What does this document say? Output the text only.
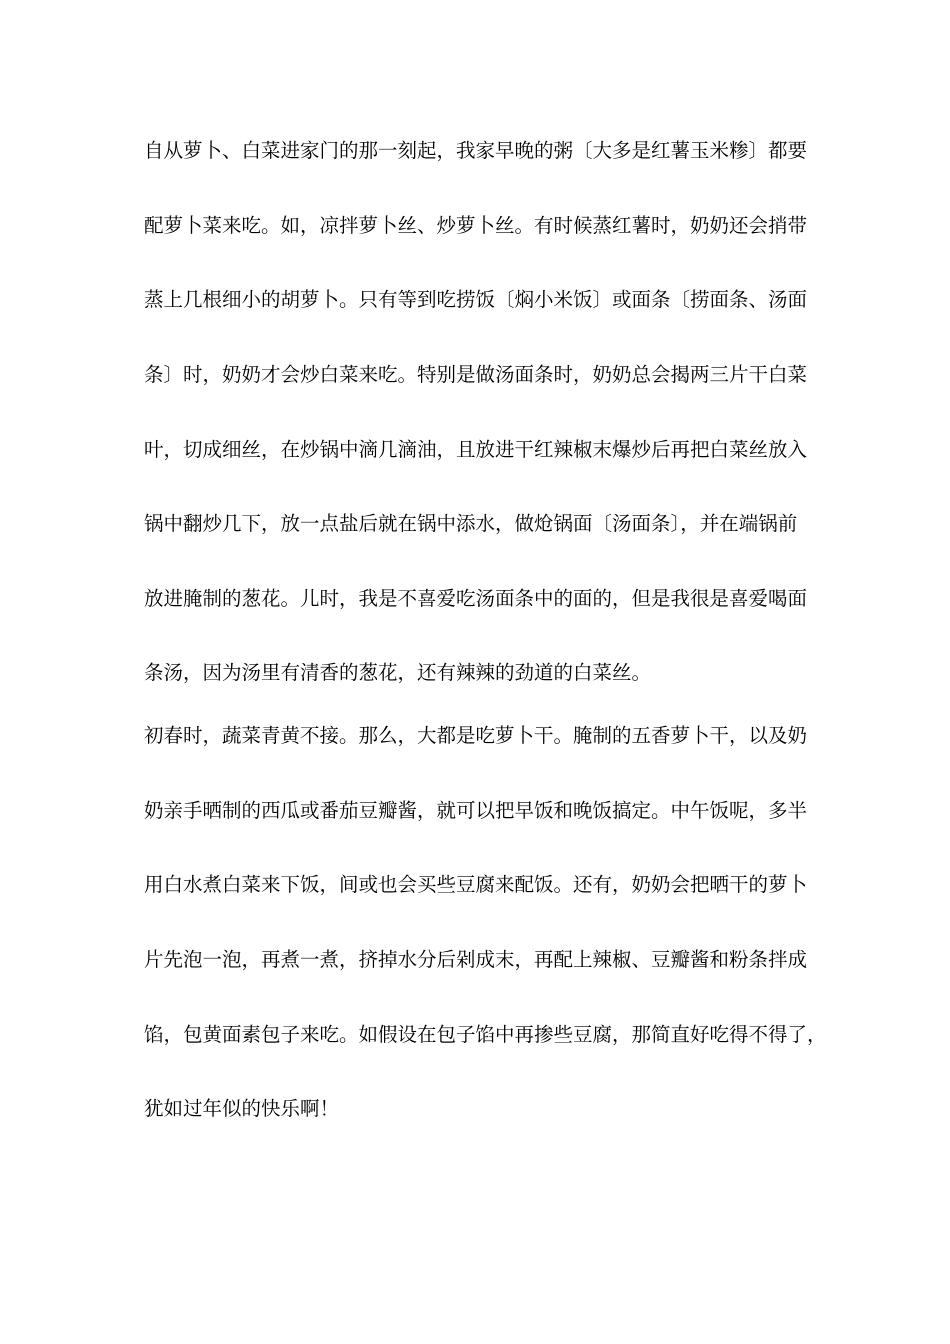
自从萝卜、白菜进家门的那一刻起，我家早晚的粥〔大多是红薯玉米糁〕都要
配萝卜菜来吃。如，凉拌萝卜丝、炒萝卜丝。有时候蒸红薯时，奶奶还会捎带
蒸上几根细小的胡萝卜。只有等到吃捞饭〔焖小米饭〕或面条〔捞面条、汤面
条〕时，奶奶才会炒白菜来吃。特别是做汤面条时，奶奶总会揭两三片干白菜
叶，切成细丝，在炒锅中滴几滴油，且放进干红辣椒末爆炒后再把白菜丝放入
锅中翻炒几下，放一点盐后就在锅中添水，做炝锅面〔汤面条〕，并在端锅前
放进腌制的葱花。儿时，我是不喜爱吃汤面条中的面的，但是我很是喜爱喝面
条汤，因为汤里有清香的葱花，还有辣辣的劲道的白菜丝。
初春时，蔬菜青黄不接。那么，大都是吃萝卜干。腌制的五香萝卜干，以及奶
奶亲手晒制的西瓜或番茄豆瓣酱，就可以把早饭和晚饭搞定。中午饭呢，多半
用白水煮白菜来下饭，间或也会买些豆腐来配饭。还有，奶奶会把晒干的萝卜
片先泡一泡，再煮一煮，挤掉水分后剁成末，再配上辣椒、豆瓣酱和粉条拌成
馅，包黄面素包子来吃。如假设在包子馅中再掺些豆腐，那简直好吃得不得了，
犹如过年似的快乐啊！
